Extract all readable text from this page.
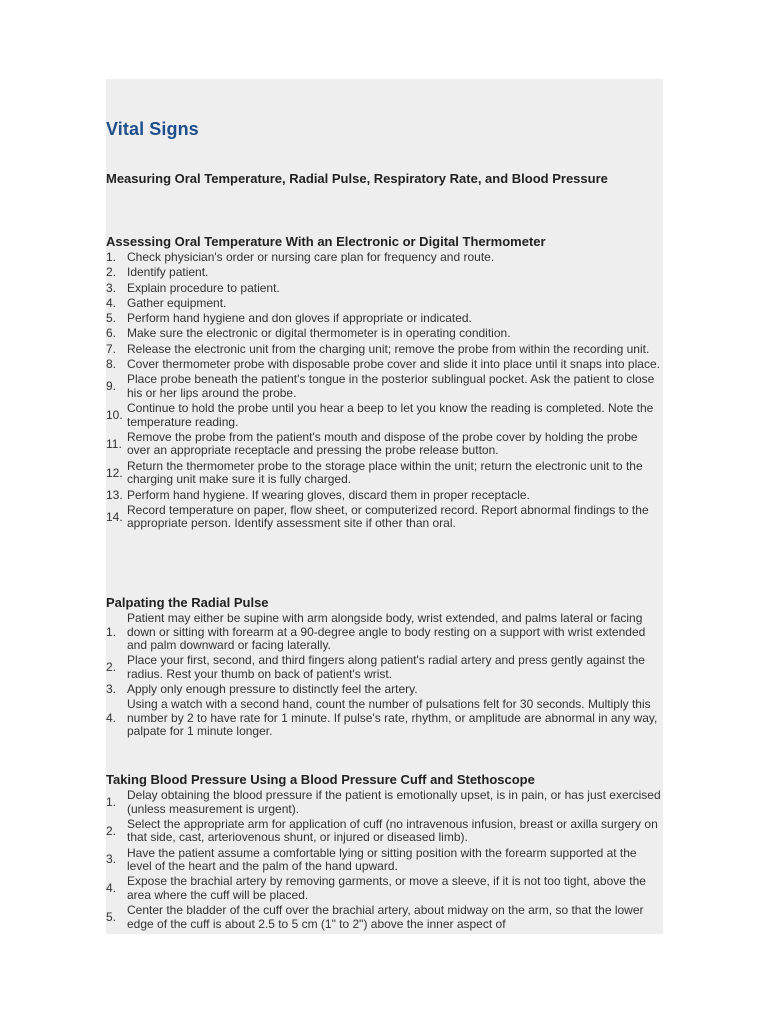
Vital Signs

Measuring Oral Temperature, Radial Pulse, Respiratory Rate, and Blood Pressure

Assessing Oral Temperature With an Electronic or Digital Thermometer
1. Check physician's order or nursing care plan for frequency and route.
2. Identify patient.
3. Explain procedure to patient.
4. Gather equipment.
5. Perform hand hygiene and don gloves if appropriate or indicated.
6. Make sure the electronic or digital thermometer is in operating condition.
7. Release the electronic unit from the charging unit; remove the probe from within the recording unit.
8. Cover thermometer probe with disposable probe cover and slide it into place until it snaps into place.
9. Place probe beneath the patient's tongue in the posterior sublingual pocket. Ask the patient to close his or her lips around the probe.
10. Continue to hold the probe until you hear a beep to let you know the reading is completed. Note the temperature reading.
11. Remove the probe from the patient's mouth and dispose of the probe cover by holding the probe over an appropriate receptacle and pressing the probe release button.
12. Return the thermometer probe to the storage place within the unit; return the electronic unit to the charging unit make sure it is fully charged.
13. Perform hand hygiene. If wearing gloves, discard them in proper receptacle.
14. Record temperature on paper, flow sheet, or computerized record. Report abnormal findings to the appropriate person. Identify assessment site if other than oral.
Palpating the Radial Pulse
1.
Patient may either be supine with arm alongside body, wrist extended, and palms lateral or facing down or sitting with forearm at a 90-degree angle to body resting on a support with wrist extended and palm downward or facing laterally.
2. Place your first, second, and third fingers along patient's radial artery and press gently against the radius. Rest your thumb on back of patient's wrist.
3. Apply only enough pressure to distinctly feel the artery.
4.
Using a watch with a second hand, count the number of pulsations felt for 30 seconds. Multiply this number by 2 to have rate for 1 minute. If pulse's rate, rhythm, or amplitude are abnormal in any way, palpate for 1 minute longer.
Taking Blood Pressure Using a Blood Pressure Cuff and Stethoscope
1. Delay obtaining the blood pressure if the patient is emotionally upset, is in pain, or has just exercised (unless measurement is urgent).
2. Select the appropriate arm for application of cuff (no intravenous infusion, breast or axilla surgery on that side, cast, arteriovenous shunt, or injured or diseased limb).
3. Have the patient assume a comfortable lying or sitting position with the forearm supported at the level of the heart and the palm of the hand upward.
4. Expose the brachial artery by removing garments, or move a sleeve, if it is not too tight, above the area where the cuff will be placed.
5. Center the bladder of the cuff over the brachial artery, about midway on the arm, so that the lower edge of the cuff is about 2.5 to 5 cm (1" to 2") above the inner aspect of
